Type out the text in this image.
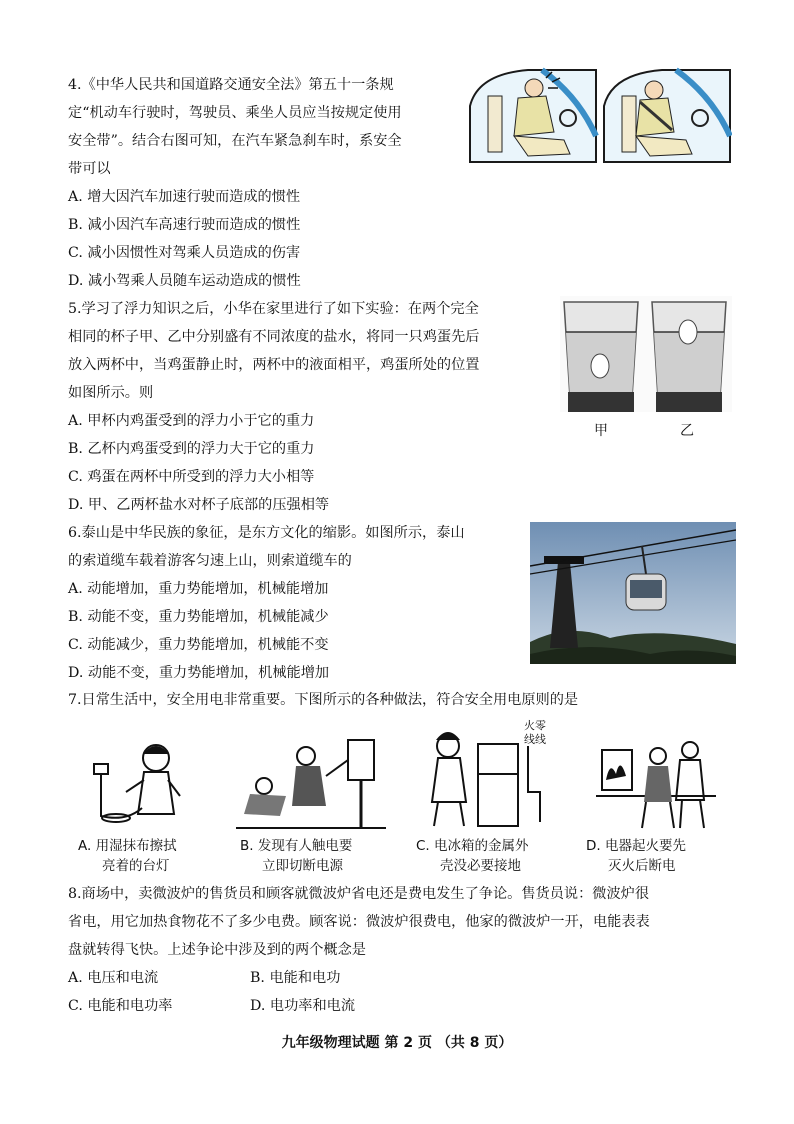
4.《中华人民共和国道路交通安全法》第五十一条规
定“机动车行驶时，驾驶员、乘坐人员应当按规定使用
安全带”。结合右图可知，在汽车紧急刹车时，系安全
带可以
A. 增大因汽车加速行驶而造成的惯性
B. 减小因汽车高速行驶而造成的惯性
C. 减小因惯性对驾乘人员造成的伤害
D. 减小驾乘人员随车运动造成的惯性
5.学习了浮力知识之后，小华在家里进行了如下实验：在两个完全
相同的杯子甲、乙中分别盛有不同浓度的盐水，将同一只鸡蛋先后
放入两杯中，当鸡蛋静止时，两杯中的液面相平，鸡蛋所处的位置
如图所示。则
A. 甲杯内鸡蛋受到的浮力小于它的重力
B. 乙杯内鸡蛋受到的浮力大于它的重力
C. 鸡蛋在两杯中所受到的浮力大小相等
D. 甲、乙两杯盐水对杯子底部的压强相等
甲	乙
6.泰山是中华民族的象征，是东方文化的缩影。如图所示，泰山
的索道缆车载着游客匀速上山，则索道缆车的
A. 动能增加，重力势能增加，机械能增加
B. 动能不变，重力势能增加，机械能减少
C. 动能减少，重力势能增加，机械能不变
D. 动能不变，重力势能增加，机械能增加
7.日常生活中，安全用电非常重要。下图所示的各种做法，符合安全用电原则的是
火零
线线
A. 用湿抹布擦拭
亮着的台灯
B. 发现有人触电要
立即切断电源
C. 电冰箱的金属外
壳没必要接地
D. 电器起火要先
灭火后断电
8.商场中，卖微波炉的售货员和顾客就微波炉省电还是费电发生了争论。售货员说：微波炉很
省电，用它加热食物花不了多少电费。顾客说：微波炉很费电，他家的微波炉一开，电能表表
盘就转得飞快。上述争论中涉及到的两个概念是
A. 电压和电流	B. 电能和电功
C. 电能和电功率	D. 电功率和电流
九年级物理试题 第 2 页 （共 8 页）
